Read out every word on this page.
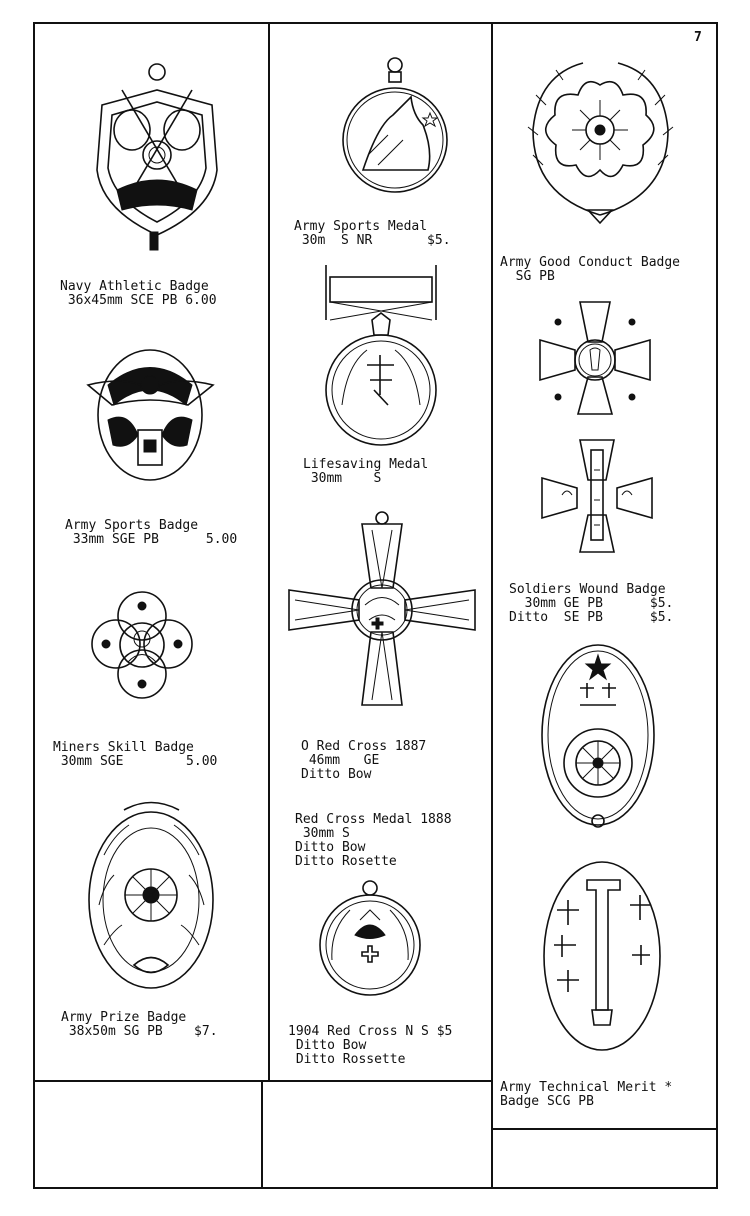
7
Navy Athletic Badge
36x45mm SCE PB 6.00
Army Sports Badge
33mm SGE PB      5.00
Miners Skill Badge
30mm SGE        5.00
Army Prize Badge
38x50m SG PB    $7.
Army Sports Medal
30m  S NR       $5.
Lifesaving Medal
30mm    S
O Red Cross 1887
46mm   GE
Ditto Bow
Red Cross Medal 1888
30mm S
Ditto Bow
Ditto Rosette
1904 Red Cross N S $5
Ditto Bow
Ditto Rossette
Army Good Conduct Badge
SG PB
Soldiers Wound Badge
30mm GE PB      $5.
Ditto  SE PB      $5.
Army Technical Merit *
Badge SCG PB
